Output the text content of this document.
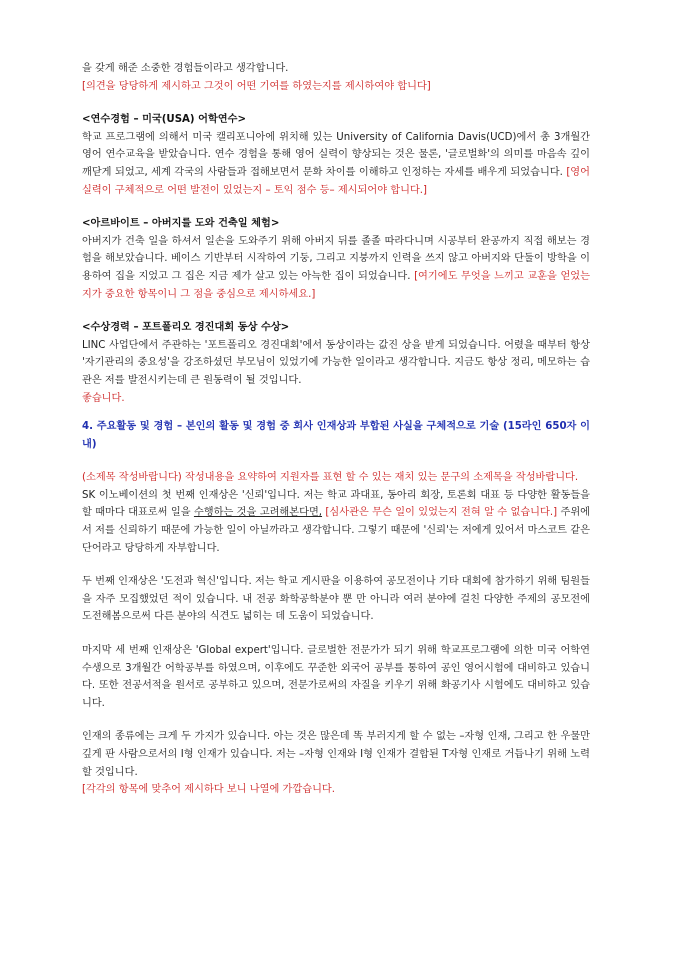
을 갖게 해준 소중한 경험들이라고 생각합니다.

[의견을 당당하게 제시하고 그것이 어떤 기여를 하였는지를 제시하여야 합니다]

<연수경험 – 미국(USA) 어학연수>

학교 프로그램에 의해서 미국 캘리포니아에 위치해 있는 University of California Davis(UCD)에서 총 3개월간 영어 연수교육을 받았습니다. 연수 경험을 통해 영어 실력이 향상되는 것은 물론, '글로벌화'의 의미를 마음속 깊이 깨닫게 되었고, 세계 각국의 사람들과 접해보면서 문화 차이를 이해하고 인정하는 자세를 배우게 되었습니다. [영어 실력이 구체적으로 어떤 발전이 있었는지 – 토익 점수 등– 제시되어야 합니다.]

<아르바이트 – 아버지를 도와 건축일 체험>

아버지가 건축 일을 하셔서 일손을 도와주기 위해 아버지 뒤를 졸졸 따라다니며 시공부터 완공까지 직접 해보는 경험을 해보았습니다. 베이스 기반부터 시작하여 기둥, 그리고 지붕까지 인력을 쓰지 않고 아버지와 단둘이 방학을 이용하여 집을 지었고 그 집은 지금 제가 살고 있는 아늑한 집이 되었습니다. [여기에도 무엇을 느끼고 교훈을 얻었는지가 중요한 항목이니 그 점을 중심으로 제시하세요.]

<수상경력 – 포트폴리오 경진대회 동상 수상>

LINC 사업단에서 주관하는 '포트폴리오 경진대회'에서 동상이라는 값진 상을 받게 되었습니다. 어렸을 때부터 항상 '자기관리의 중요성'을 강조하셨던 부모님이 있었기에 가능한 일이라고 생각합니다. 지금도 항상 정리, 메모하는 습관은 저를 발전시키는데 큰 원동력이 될 것입니다.

좋습니다.

4. 주요활동 및 경험 – 본인의 활동 및 경험 중 회사 인재상과 부합된 사실을 구체적으로 기술 (15라인 650자 이내)

(소제목 작성바랍니다) 작성내용을 요약하여 지원자를 표현 할 수 있는 재치 있는 문구의 소제목을 작성바랍니다.

SK 이노베이션의 첫 번째 인재상은 '신뢰'입니다. 저는 학교 과대표, 동아리 회장, 토론회 대표 등 다양한 활동들을 할 때마다 대표로써 일을 수행하는 것을 고려해본다면, [심사관은 무슨 일이 있었는지 전혀 알 수 없습니다.] 주위에서 저를 신뢰하기 때문에 가능한 일이 아닐까라고 생각합니다. 그렇기 때문에 '신뢰'는 저에게 있어서 마스코트 같은 단어라고 당당하게 자부합니다.

두 번째 인재상은 '도전과 혁신'입니다. 저는 학교 게시판을 이용하여 공모전이나 기타 대회에 참가하기 위해 팀원들을 자주 모집했었던 적이 있습니다. 내 전공 화학공학분야 뿐 만 아니라 여러 분야에 걸친 다양한 주제의 공모전에 도전해봄으로써 다른 분야의 식견도 넓히는 데 도움이 되었습니다.

마지막 세 번째 인재상은 'Global expert'입니다. 글로벌한 전문가가 되기 위해 학교프로그램에 의한 미국 어학연수생으로 3개월간 어학공부를 하였으며, 이후에도 꾸준한 외국어 공부를 통하여 공인 영어시험에 대비하고 있습니다. 또한 전공서적을 원서로 공부하고 있으며, 전문가로써의 자질을 키우기 위해 화공기사 시험에도 대비하고 있습니다.

인재의 종류에는 크게 두 가지가 있습니다. 아는 것은 많은데 똑 부러지게 할 수 없는 –자형 인재, 그리고 한 우물만 깊게 판 사람으로서의 I형 인재가 있습니다. 저는 –자형 인재와 I형 인재가 결합된 T자형 인재로 거듭나기 위해 노력할 것입니다.

[각각의 항목에 맞추어 제시하다 보니 나열에 가깝습니다.
